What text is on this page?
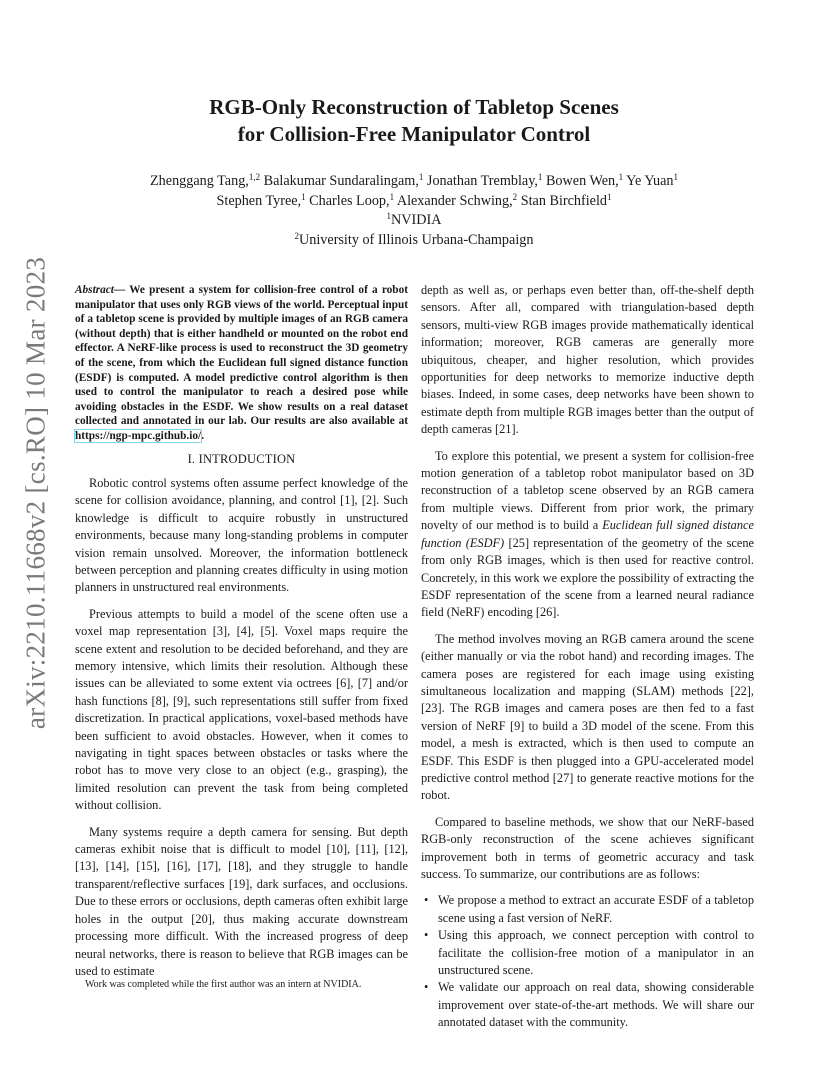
arXiv:2210.11668v2 [cs.RO] 10 Mar 2023
RGB-Only Reconstruction of Tabletop Scenes
for Collision-Free Manipulator Control
Zhenggang Tang,$^{1,2}$ Balakumar Sundaralingam,$^1$ Jonathan Tremblay,$^1$ Bowen Wen,$^1$ Ye Yuan$^1$
Stephen Tyree,$^1$ Charles Loop,$^1$ Alexander Schwing,$^2$ Stan Birchfield$^1$
$^1$NVIDIA
$^2$University of Illinois Urbana-Champaign
Abstract— We present a system for collision-free control of a robot manipulator that uses only RGB views of the world. Perceptual input of a tabletop scene is provided by multiple images of an RGB camera (without depth) that is either handheld or mounted on the robot end effector. A NeRF-like process is used to reconstruct the 3D geometry of the scene, from which the Euclidean full signed distance function (ESDF) is computed. A model predictive control algorithm is then used to control the manipulator to reach a desired pose while avoiding obstacles in the ESDF. We show results on a real dataset collected and annotated in our lab. Our results are also available at https://ngp-mpc.github.io/.
I. INTRODUCTION

Robotic control systems often assume perfect knowledge of the scene for collision avoidance, planning, and control [1], [2]. Such knowledge is difficult to acquire robustly in unstructured environments, because many long-standing problems in computer vision remain unsolved. Moreover, the information bottleneck between perception and planning creates difficulty in using motion planners in unstructured real environments.

Previous attempts to build a model of the scene often use a voxel map representation [3], [4], [5]. Voxel maps require the scene extent and resolution to be decided beforehand, and they are memory intensive, which limits their resolution. Although these issues can be alleviated to some extent via octrees [6], [7] and/or hash functions [8], [9], such representations still suffer from fixed discretization. In practical applications, voxel-based methods have been sufficient to avoid obstacles. However, when it comes to navigating in tight spaces between obstacles or tasks where the robot has to move very close to an object (e.g., grasping), the limited resolution can prevent the task from being completed without collision.

Many systems require a depth camera for sensing. But depth cameras exhibit noise that is difficult to model [10], [11], [12], [13], [14], [15], [16], [17], [18], and they struggle to handle transparent/reflective surfaces [19], dark surfaces, and occlusions. Due to these errors or occlusions, depth cameras often exhibit large holes in the output [20], thus making accurate downstream processing more difficult. With the increased progress of deep neural networks, there is reason to believe that RGB images can be used to estimate

depth as well as, or perhaps even better than, off-the-shelf depth sensors. After all, compared with triangulation-based depth sensors, multi-view RGB images provide mathematically identical information; moreover, RGB cameras are generally more ubiquitous, cheaper, and higher resolution, which provides opportunities for deep networks to memorize inductive depth biases. Indeed, in some cases, deep networks have been shown to estimate depth from multiple RGB images better than the output of depth cameras [21].

To explore this potential, we present a system for collision-free motion generation of a tabletop robot manipulator based on 3D reconstruction of a tabletop scene observed by an RGB camera from multiple views. Different from prior work, the primary novelty of our method is to build a Euclidean full signed distance function (ESDF) [25] representation of the geometry of the scene from only RGB images, which is then used for reactive control. Concretely, in this work we explore the possibility of extracting the ESDF representation of the scene from a learned neural radiance field (NeRF) encoding [26].

The method involves moving an RGB camera around the scene (either manually or via the robot hand) and recording images. The camera poses are registered for each image using existing simultaneous localization and mapping (SLAM) methods [22], [23]. The RGB images and camera poses are then fed to a fast version of NeRF [9] to build a 3D model of the scene. From this model, a mesh is extracted, which is then used to compute an ESDF. This ESDF is then plugged into a GPU-accelerated model predictive control method [27] to generate reactive motions for the robot.

Compared to baseline methods, we show that our NeRF-based RGB-only reconstruction of the scene achieves significant improvement both in terms of geometric accuracy and task success. To summarize, our contributions are as follows:

• We propose a method to extract an accurate ESDF of a tabletop scene using a fast version of NeRF.
• Using this approach, we connect perception with control to facilitate the collision-free motion of a manipulator in an unstructured scene.
• We validate our approach on real data, showing considerable improvement over state-of-the-art methods. We will share our annotated dataset with the community.
Work was completed while the first author was an intern at NVIDIA.
